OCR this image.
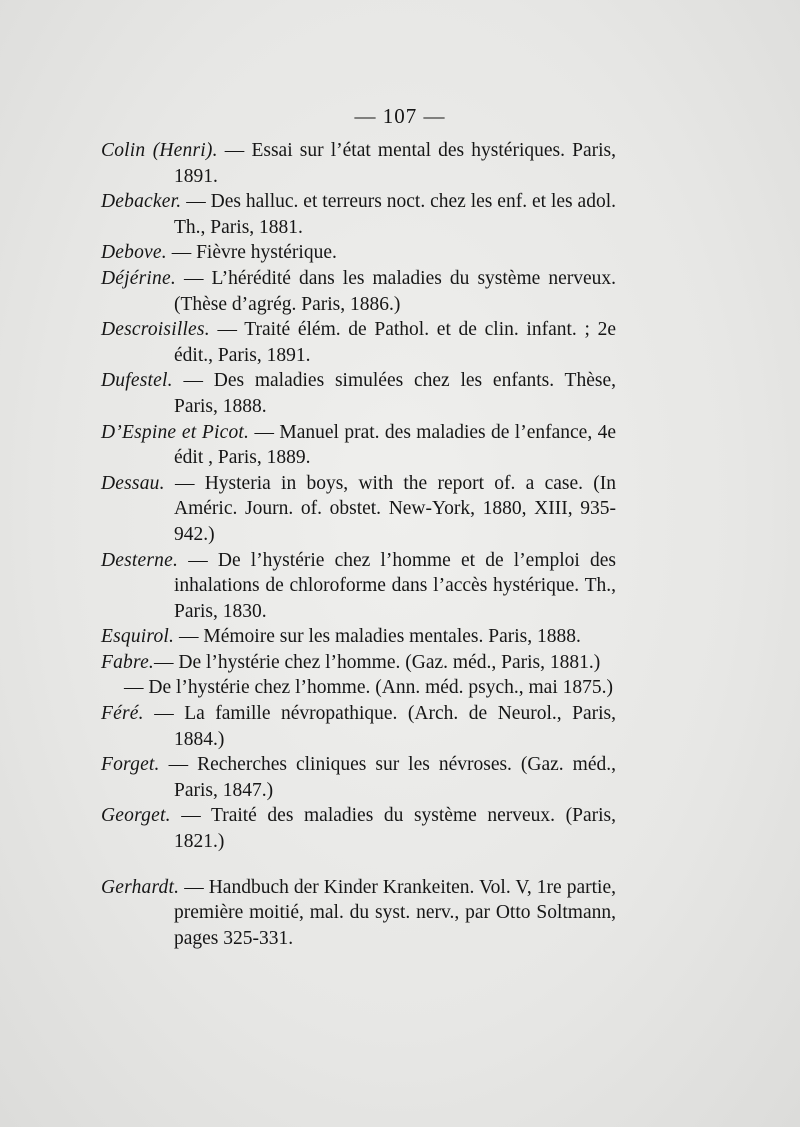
— 107 —

Colin (Henri). — Essai sur l’état mental des hystériques. Paris, 1891.

Debacker. — Des halluc. et terreurs noct. chez les enf. et les adol. Th., Paris, 1881.

Debove. — Fièvre hystérique.

Déjérine. — L’hérédité dans les maladies du système nerveux. (Thèse d’agrég. Paris, 1886.)

Descroisilles. — Traité élém. de Pathol. et de clin. infant. ; 2e édit., Paris, 1891.

Dufestel. — Des maladies simulées chez les enfants. Thèse, Paris, 1888.

D’Espine et Picot. — Manuel prat. des maladies de l’enfance, 4e édit , Paris, 1889.

Dessau. — Hysteria in boys, with the report of. a case. (In Améric. Journ. of. obstet. New-York, 1880, XIII, 935-942.)

Desterne. — De l’hystérie chez l’homme et de l’emploi des inhalations de chloroforme dans l’accès hystérique. Th., Paris, 1830.

Esquirol. — Mémoire sur les maladies mentales. Paris, 1888.

Fabre.— De l’hystérie chez l’homme. (Gaz. méd., Paris, 1881.)

— De l’hystérie chez l’homme. (Ann. méd. psych., mai 1875.)

Féré. — La famille névropathique. (Arch. de Neurol., Paris, 1884.)

Forget. — Recherches cliniques sur les névroses. (Gaz. méd., Paris, 1847.)

Georget. — Traité des maladies du système nerveux. (Paris, 1821.)

Gerhardt. — Handbuch der Kinder Krankeiten. Vol. V, 1re partie, première moitié, mal. du syst. nerv., par Otto Soltmann, pages 325-331.
